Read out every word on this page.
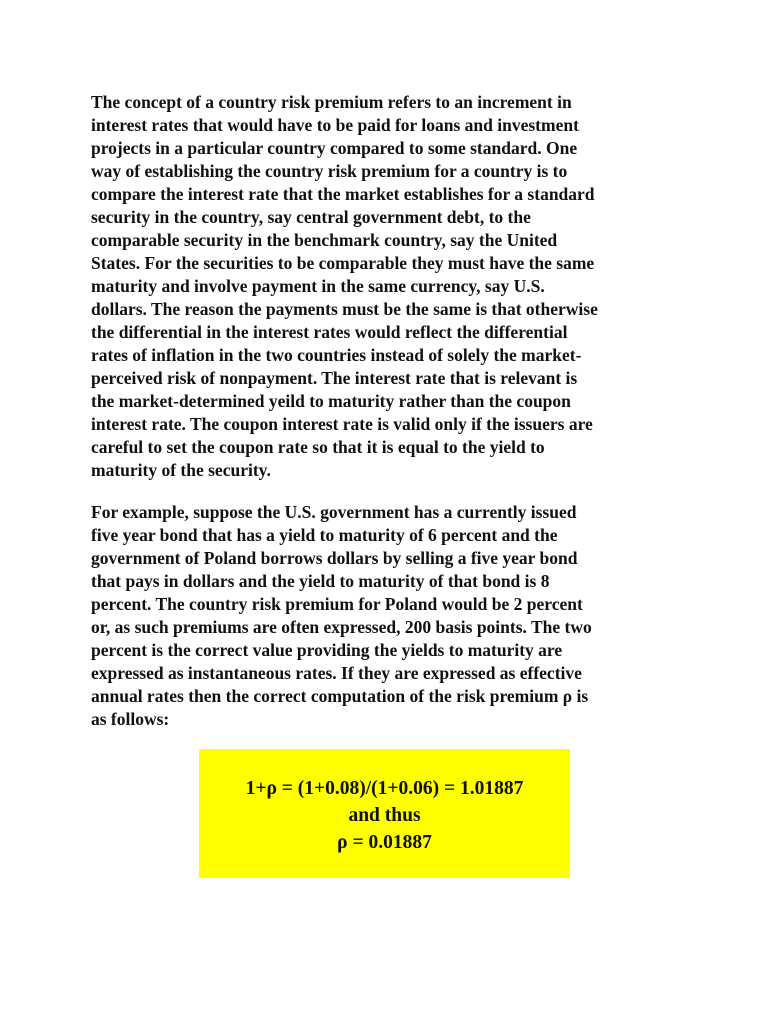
The concept of a country risk premium refers to an increment in
interest rates that would have to be paid for loans and investment
projects in a particular country compared to some standard. One
way of establishing the country risk premium for a country is to
compare the interest rate that the market establishes for a standard
security in the country, say central government debt, to the
comparable security in the benchmark country, say the United
States. For the securities to be comparable they must have the same
maturity and involve payment in the same currency, say U.S.
dollars. The reason the payments must be the same is that otherwise
the differential in the interest rates would reflect the differential
rates of inflation in the two countries instead of solely the market-
perceived risk of nonpayment. The interest rate that is relevant is
the market-determined yeild to maturity rather than the coupon
interest rate. The coupon interest rate is valid only if the issuers are
careful to set the coupon rate so that it is equal to the yield to
maturity of the security.
For example, suppose the U.S. government has a currently issued
five year bond that has a yield to maturity of 6 percent and the
government of Poland borrows dollars by selling a five year bond
that pays in dollars and the yield to maturity of that bond is 8
percent. The country risk premium for Poland would be 2 percent
or, as such premiums are often expressed, 200 basis points. The two
percent is the correct value providing the yields to maturity are
expressed as instantaneous rates. If they are expressed as effective
annual rates then the correct computation of the risk premium ρ is
as follows:
1+ρ = (1+0.08)/(1+0.06) = 1.01887
and thus
ρ = 0.01887
